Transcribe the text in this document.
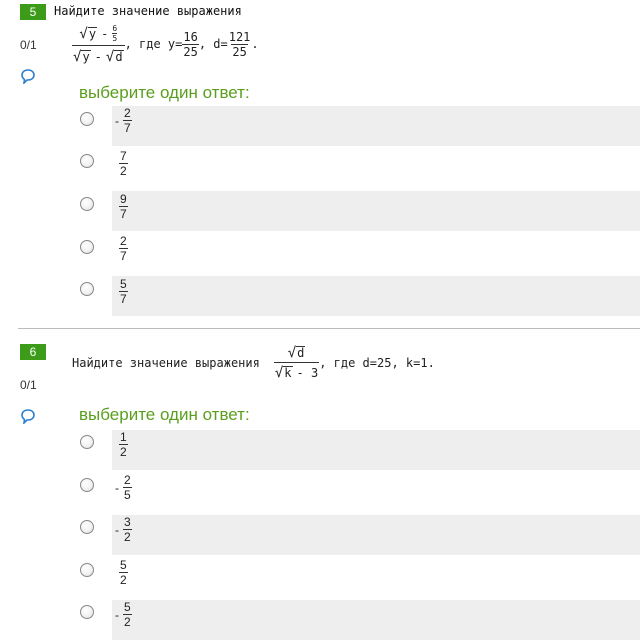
5	Найдите значение выражения
0/1	$\frac{√ y - \frac{6}{5}}{√ y - √ d}$ , где $y= \frac{16}{25}$ , $d= \frac{121}{25}$ .
выберите один ответ:
- $\frac{2}{7}$
$\frac{7}{2}$
$\frac{9}{7}$
$\frac{2}{7}$
$\frac{5}{7}$
6
0/1
Найдите значение выражения $\frac{√ d}{√ k - 3}$ , где d=25, k=1.
выберите один ответ:
$\frac{1}{2}$
- $\frac{2}{5}$
- $\frac{3}{2}$
$\frac{5}{2}$
- $\frac{5}{2}$
